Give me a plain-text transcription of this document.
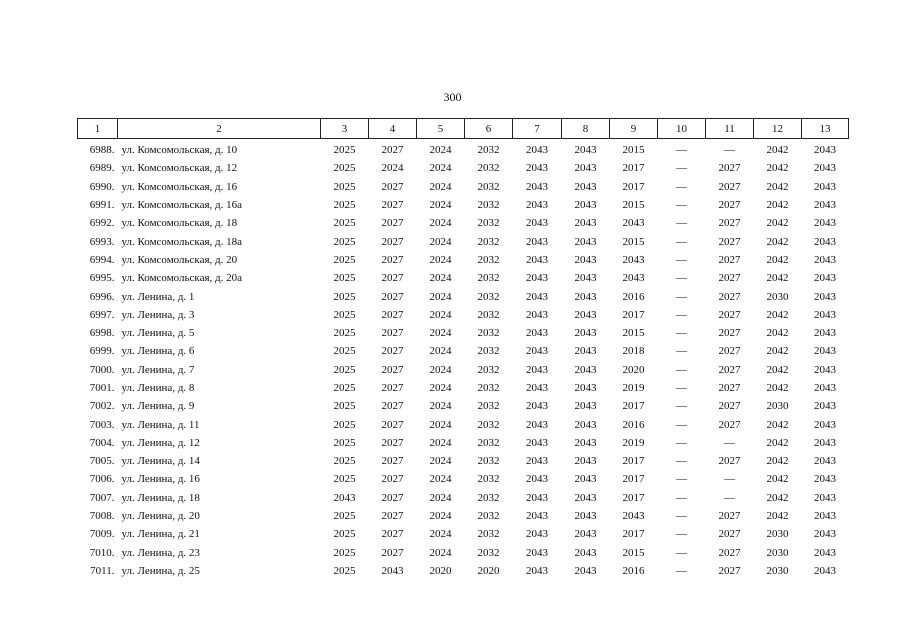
300
1	2	3	4	5	6	7	8	9	10	11	12	13
6988.	ул. Комсомольская, д. 10	2025	2027	2024	2032	2043	2043	2015	—	—	2042	2043
6989.	ул. Комсомольская, д. 12	2025	2024	2024	2032	2043	2043	2017	—	2027	2042	2043
6990.	ул. Комсомольская, д. 16	2025	2027	2024	2032	2043	2043	2017	—	2027	2042	2043
6991.	ул. Комсомольская, д. 16а	2025	2027	2024	2032	2043	2043	2015	—	2027	2042	2043
6992.	ул. Комсомольская, д. 18	2025	2027	2024	2032	2043	2043	2043	—	2027	2042	2043
6993.	ул. Комсомольская, д. 18а	2025	2027	2024	2032	2043	2043	2015	—	2027	2042	2043
6994.	ул. Комсомольская, д. 20	2025	2027	2024	2032	2043	2043	2043	—	2027	2042	2043
6995.	ул. Комсомольская, д. 20а	2025	2027	2024	2032	2043	2043	2043	—	2027	2042	2043
6996.	ул. Ленина, д. 1	2025	2027	2024	2032	2043	2043	2016	—	2027	2030	2043
6997.	ул. Ленина, д. 3	2025	2027	2024	2032	2043	2043	2017	—	2027	2042	2043
6998.	ул. Ленина, д. 5	2025	2027	2024	2032	2043	2043	2015	—	2027	2042	2043
6999.	ул. Ленина, д. 6	2025	2027	2024	2032	2043	2043	2018	—	2027	2042	2043
7000.	ул. Ленина, д. 7	2025	2027	2024	2032	2043	2043	2020	—	2027	2042	2043
7001.	ул. Ленина, д. 8	2025	2027	2024	2032	2043	2043	2019	—	2027	2042	2043
7002.	ул. Ленина, д. 9	2025	2027	2024	2032	2043	2043	2017	—	2027	2030	2043
7003.	ул. Ленина, д. 11	2025	2027	2024	2032	2043	2043	2016	—	2027	2042	2043
7004.	ул. Ленина, д. 12	2025	2027	2024	2032	2043	2043	2019	—	—	2042	2043
7005.	ул. Ленина, д. 14	2025	2027	2024	2032	2043	2043	2017	—	2027	2042	2043
7006.	ул. Ленина, д. 16	2025	2027	2024	2032	2043	2043	2017	—	—	2042	2043
7007.	ул. Ленина, д. 18	2043	2027	2024	2032	2043	2043	2017	—	—	2042	2043
7008.	ул. Ленина, д. 20	2025	2027	2024	2032	2043	2043	2043	—	2027	2042	2043
7009.	ул. Ленина, д. 21	2025	2027	2024	2032	2043	2043	2017	—	2027	2030	2043
7010.	ул. Ленина, д. 23	2025	2027	2024	2032	2043	2043	2015	—	2027	2030	2043
7011.	ул. Ленина, д. 25	2025	2043	2020	2020	2043	2043	2016	—	2027	2030	2043
